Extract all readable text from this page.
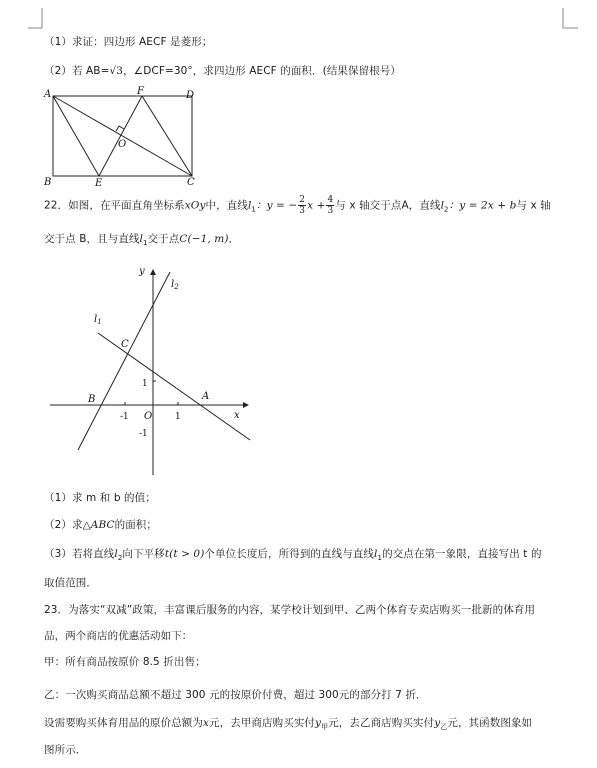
（1）求证：四边形 AECF 是菱形；
（2）若 AB=√3，∠DCF=30°，求四边形 AECF 的面积．(结果保留根号）
A	F	D
O
B	E	C
22．如图，在平面直角坐标系xOy中，直线$l_1$：y = − $\frac{2}{3}$ $x + \frac{4}{3}$ 与 x 轴交于点A，直线$l_2$：y = 2x + b与 x 轴
交于点 B，且与直线$l_1$交于点C(−1, m)．
y
x
$l_2$
$l_1$
C
B	A
O
-1	1
1
-1
（1）求 m 和 b 的值；
（2）求△ABC的面积；
（3）若将直线$l_2$向下平移t(t > 0)个单位长度后，所得到的直线与直线$l_1$的交点在第一象限，直接写出 t 的
取值范围．
23．为落实“双减”政策，丰富课后服务的内容，某学校计划到甲、乙两个体育专卖店购买一批新的体育用
品，两个商店的优惠活动如下：
甲：所有商品按原价 8.5 折出售；
乙：一次购买商品总额不超过 300 元的按原价付费，超过 300元的部分打 7 折．
设需要购买体育用品的原价总额为x元，去甲商店购买实付$y_甲$元，去乙商店购买实付$y_乙$元，其函数图象如
图所示．
